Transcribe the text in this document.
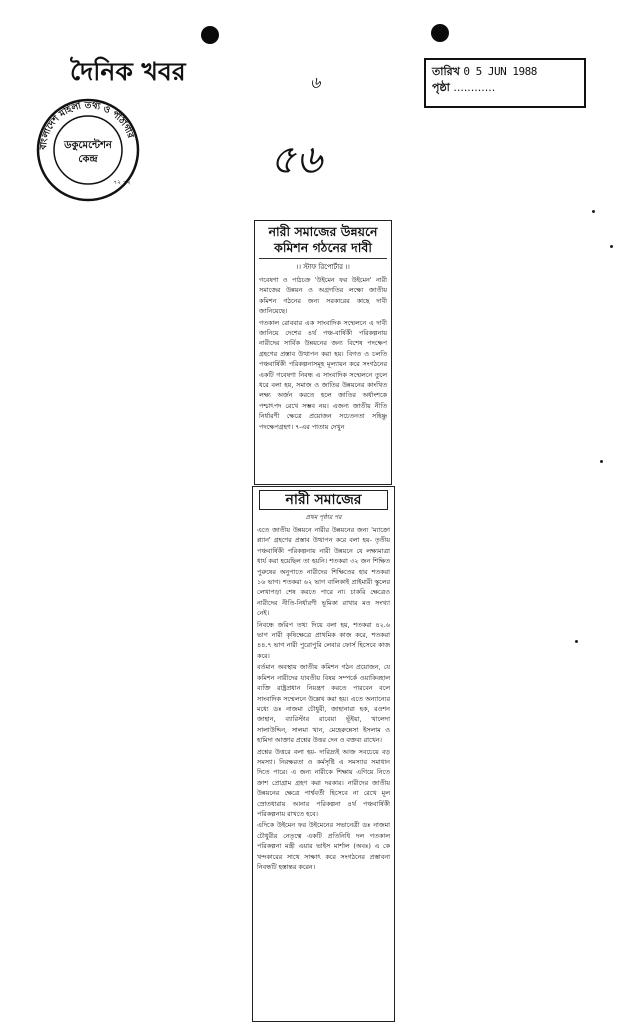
দৈনিক খবর
বাংলাদেশ মহিলা তথ্য ও পাঠাগার
ডকুমেন্টেশন
কেন্দ্র
৭২ ৭২
৬
তারিখ 0 5 JUN 1988
পৃষ্ঠা ............
৫৬
নারী সমাজের উন্নয়নে
কমিশন গঠনের দাবী
।। স্টাফ রিপোর্টার ।।

গবেষণা ও পাঠচক্র 'উইমেন ফর উইমেন' নারী সমাজের উন্নয়ন ও অগ্রগতির লক্ষ্যে জাতীয় কমিশন গঠনের জন্য সরকারের কাছে দাবী জানিয়েছে।

গতকাল রোববার এক সাংবাদিক সম্মেলনে এ দাবী জানিয়ে দেশের ৪র্থ পঞ্চ-বার্ষিকী পরিকল্পনায় নারীদের সার্বিক উন্নয়নের জন্য বিশেষ পদক্ষেপ গ্রহণের প্রস্তাব উত্থাপন করা হয়। বিগত ও চলতি পঞ্চবার্ষিকী পরিকল্পনাসমূহ মূল্যায়ন করে সংগঠনের একটি গবেষণা নিবন্ধ এ সাংবাদিক সম্মেলনে তুলে ধরে বলা হয়, সমাজ ও জাতির উন্নয়নের কাংখিত লক্ষ্য অর্জন করতে হলে জাতির অর্ধাংশকে পশ্চাৎপদ রেখে সম্ভব নয়। এজন্য জাতীয় নীতি নির্ধারণী ক্ষেত্রে প্রয়োজন সচেতনতা সহিষ্ণু পদক্ষেপগ্রহণ। ৭-এর পাতায় দেখুন

নারী সমাজের
প্রথম পৃষ্ঠার পর

এতে জাতীয় উন্নয়নে নারীর উন্নয়নের জন্য 'ম্যাক্রো প্ল্যান' গ্রহণের প্রস্তাব উত্থাপন করে বলা হয়- তৃতীয় পঞ্চবার্ষিকী পরিকল্পনায় নারী উন্নয়নে যে লক্ষ্যমাত্রা ধার্য করা হয়েছিল তা হয়নি। শতকরা ৩২ জন শিক্ষিত পুরুষের অনুপাতে নারীদের শিক্ষিতের হার শতকরা ১৬ ভাগ। শতকরা ৬২ ভাগ বালিকাই প্রাইমারী স্কুলের লেখাপড়া শেষ করতে পারে না। চাকরি ক্ষেত্রেও নারীদের নীতি-নির্ধারণী ভূমিকা রাখার মত সংখ্যা নেই।

নিবন্ধে জরিপ তথ্য দিয়ে বলা হয়, শতকরা ৪২.৬ ভাগ নারী কৃষিক্ষেত্রে প্রাথমিক কাজ করে, শতকরা ৪৪.৭ ভাগ নারী পুরোপুরি লেবার ফোর্স হিসেবে কাজ করে।

বর্তমান অবস্থায় জাতীয় কমিশন গঠন প্রয়োজন, যে কমিশন নারীদের যাবতীয় বিষয় সম্পর্কে ওয়াকিবহাল ব্যক্তি রাষ্ট্রপ্রধান নিয়ন্ত্রণ করতে পারবেন বলে সাংবাদিক সম্মেলনে উল্লেখ করা হয়। এতে অন্যান্যের মধ্যে ডঃ নাজমা চৌধুরী, জাহানারা হক, রওশন জাহান, ব্যারিস্টার রাবেয়া ভূঁইয়া, খালেদা সালাউদ্দিন, সালমা খান, মেহেরুন্নেসা ইসলাম ও হামিদা আক্তার প্রশ্নের উত্তর দেন ও বক্তব্য রাখেন।

প্রশ্নের উত্তরে বলা হয়- দারিদ্র্যই আজ সবচেয়ে বড় সমস্যা। নিরক্ষরতা ও কর্মসৃষ্টি এ সমস্যার সমাধান দিতে পারে। এ জন্য নারীকে শিক্ষায় এগিয়ে নিতে ক্রাশ প্রোগ্রাম গ্রহণ করা দরকার। নারীদের জাতীয় উন্নয়নের ক্ষেত্রে পার্শ্ববর্তী হিসেবে না রেখে মূল স্রোতধারায় আনার পরিকল্পনা ৪র্থ পঞ্চবার্ষিকী পরিকল্পনায় রাখতে হবে।

এদিকে উইমেন ফর উইমেনের সভানেত্রী ডঃ নাজমা চৌধুরীর নেতৃত্বে একটি প্রতিনিধি দল গতকাল পরিকল্পনা মন্ত্রী এয়ার ভাইস মার্শাল (অবঃ) এ কে খন্দকারের সাথে সাক্ষাৎ করে সংগঠনের প্রস্তাবনা নিবন্ধটি হস্তান্তর করেন।
